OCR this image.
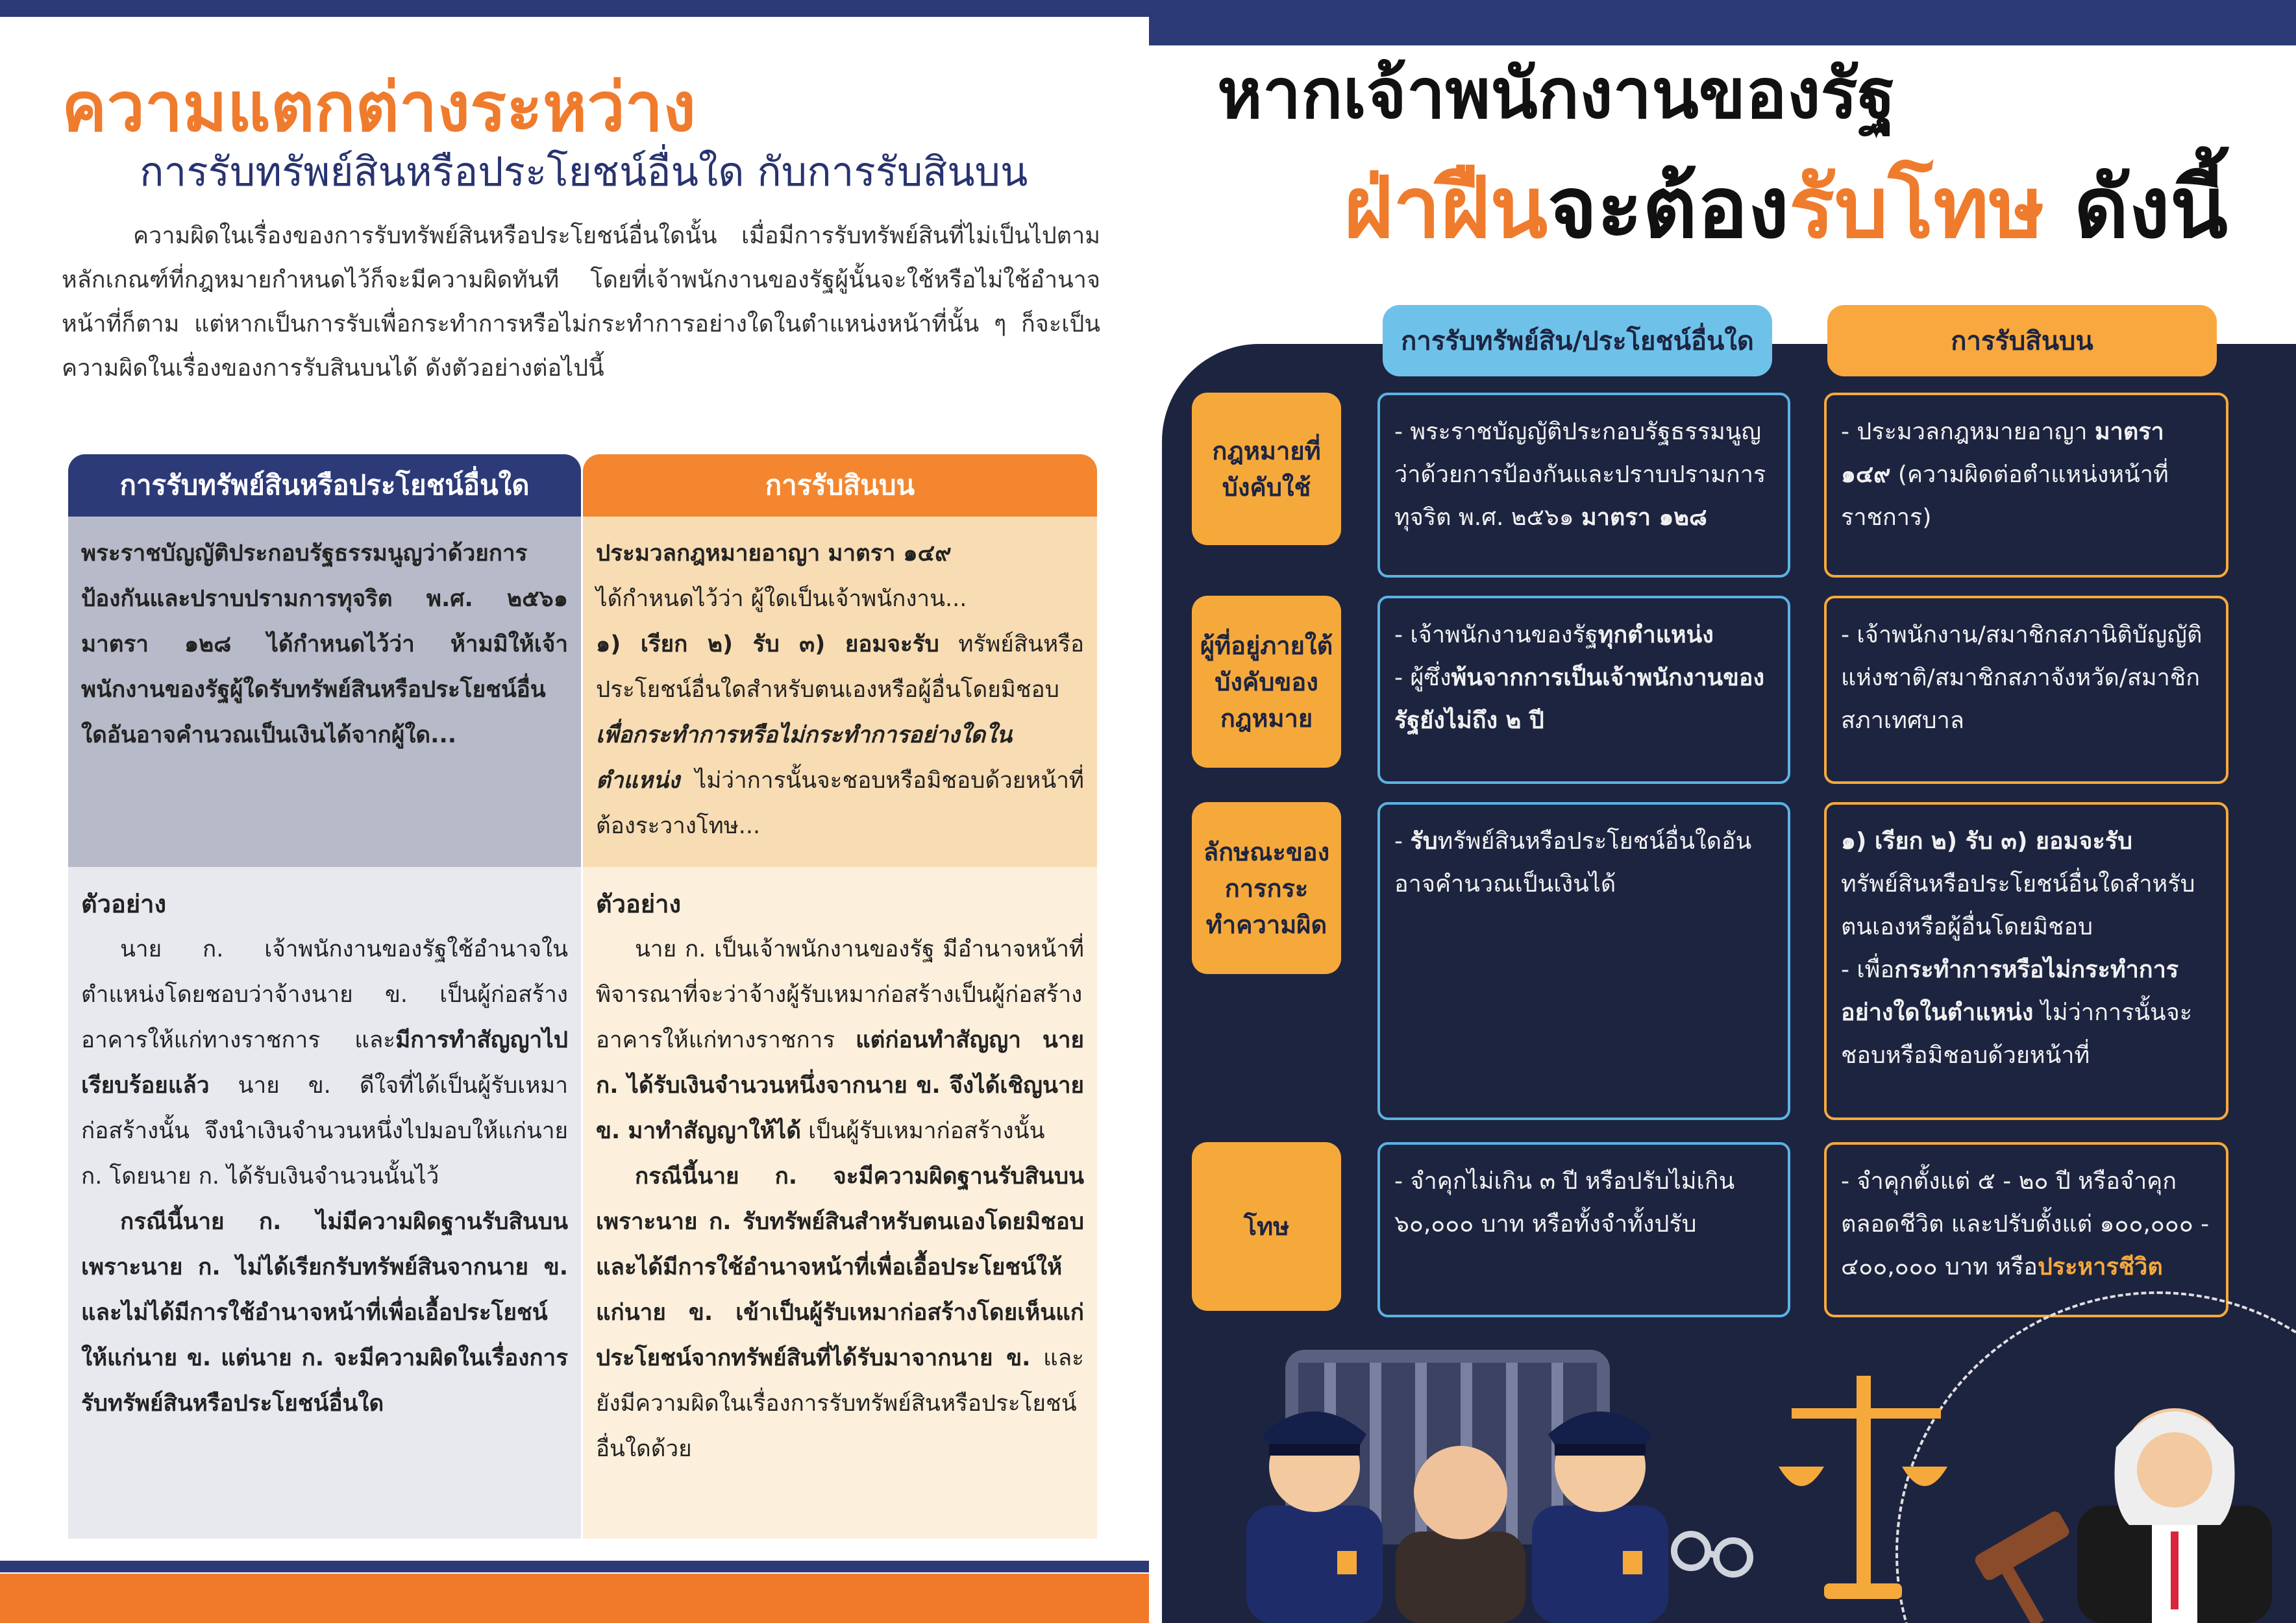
ความแตกต่างระหว่าง
การรับทรัพย์สินหรือประโยชน์อื่นใด กับการรับสินบน
ความผิดในเรื่องของการรับทรัพย์สินหรือประโยชน์อื่นใดนั้น เมื่อมีการรับทรัพย์สินที่ไม่เป็นไปตามหลักเกณฑ์ที่กฎหมายกำหนดไว้ก็จะมีความผิดทันที โดยที่เจ้าพนักงานของรัฐผู้นั้นจะใช้หรือไม่ใช้อำนาจหน้าที่ก็ตาม แต่หากเป็นการรับเพื่อกระทำการหรือไม่กระทำการอย่างใดในตำแหน่งหน้าที่นั้น ๆ ก็จะเป็นความผิดในเรื่องของการรับสินบนได้ ดังตัวอย่างต่อไปนี้
การรับทรัพย์สินหรือประโยชน์อื่นใด	การรับสินบน
พระราชบัญญัติประกอบรัฐธรรมนูญว่าด้วยการป้องกันและปราบปรามการทุจริต พ.ศ. ๒๕๖๑ มาตรา ๑๒๘ ได้กำหนดไว้ว่า ห้ามมิให้เจ้าพนักงานของรัฐผู้ใดรับทรัพย์สินหรือประโยชน์อื่นใดอันอาจคำนวณเป็นเงินได้จากผู้ใด...
ประมวลกฎหมายอาญา มาตรา ๑๔๙
ได้กำหนดไว้ว่า ผู้ใดเป็นเจ้าพนักงาน...
๑) เรียก ๒) รับ ๓) ยอมจะรับ ทรัพย์สินหรือประโยชน์อื่นใดสำหรับตนเองหรือผู้อื่นโดยมิชอบ เพื่อกระทำการหรือไม่กระทำการอย่างใดในตำแหน่ง ไม่ว่าการนั้นจะชอบหรือมิชอบด้วยหน้าที่ ต้องระวางโทษ...
ตัวอย่าง
นาย ก. เจ้าพนักงานของรัฐใช้อำนาจในตำแหน่งโดยชอบว่าจ้างนาย ข. เป็นผู้ก่อสร้างอาคารให้แก่ทางราชการ และมีการทำสัญญาไปเรียบร้อยแล้ว นาย ข. ดีใจที่ได้เป็นผู้รับเหมาก่อสร้างนั้น จึงนำเงินจำนวนหนึ่งไปมอบให้แก่นาย ก. โดยนาย ก. ได้รับเงินจำนวนนั้นไว้
กรณีนี้นาย ก. ไม่มีความผิดฐานรับสินบนเพราะนาย ก. ไม่ได้เรียกรับทรัพย์สินจากนาย ข. และไม่ได้มีการใช้อำนาจหน้าที่เพื่อเอื้อประโยชน์ให้แก่นาย ข. แต่นาย ก. จะมีความผิดในเรื่องการรับทรัพย์สินหรือประโยชน์อื่นใด
ตัวอย่าง
นาย ก. เป็นเจ้าพนักงานของรัฐ มีอำนาจหน้าที่พิจารณาที่จะว่าจ้างผู้รับเหมาก่อสร้างเป็นผู้ก่อสร้างอาคารให้แก่ทางราชการ แต่ก่อนทำสัญญา นาย ก. ได้รับเงินจำนวนหนึ่งจากนาย ข. จึงได้เชิญนาย ข. มาทำสัญญาให้ได้ เป็นผู้รับเหมาก่อสร้างนั้น
กรณีนี้นาย ก. จะมีความผิดฐานรับสินบนเพราะนาย ก. รับทรัพย์สินสำหรับตนเองโดยมิชอบและได้มีการใช้อำนาจหน้าที่เพื่อเอื้อประโยชน์ให้แก่นาย ข. เข้าเป็นผู้รับเหมาก่อสร้างโดยเห็นแก่ประโยชน์จากทรัพย์สินที่ได้รับมาจากนาย ข. และยังมีความผิดในเรื่องการรับทรัพย์สินหรือประโยชน์อื่นใดด้วย
หากเจ้าพนักงานของรัฐ
ฝ่าฝืนจะต้องรับโทษ ดังนี้
การรับทรัพย์สิน/ประโยชน์อื่นใด	การรับสินบน
กฎหมายที่บังคับใช้
- พระราชบัญญัติประกอบรัฐธรรมนูญว่าด้วยการป้องกันและปราบปรามการทุจริต พ.ศ. ๒๕๖๑ มาตรา ๑๒๘
- ประมวลกฎหมายอาญา มาตรา ๑๔๙ (ความผิดต่อตำแหน่งหน้าที่ราชการ)
ผู้ที่อยู่ภายใต้บังคับของกฎหมาย
- เจ้าพนักงานของรัฐทุกตำแหน่ง
- ผู้ซึ่งพ้นจากการเป็นเจ้าพนักงานของรัฐยังไม่ถึง ๒ ปี
- เจ้าพนักงาน/สมาชิกสภานิติบัญญัติแห่งชาติ/สมาชิกสภาจังหวัด/สมาชิกสภาเทศบาล
ลักษณะของการกระทำความผิด
- รับทรัพย์สินหรือประโยชน์อื่นใดอันอาจคำนวณเป็นเงินได้
๑) เรียก ๒) รับ ๓) ยอมจะรับ
ทรัพย์สินหรือประโยชน์อื่นใดสำหรับตนเองหรือผู้อื่นโดยมิชอบ
- เพื่อกระทำการหรือไม่กระทำการอย่างใดในตำแหน่ง ไม่ว่าการนั้นจะชอบหรือมิชอบด้วยหน้าที่
โทษ
- จำคุกไม่เกิน ๓ ปี หรือปรับไม่เกิน ๖๐,๐๐๐ บาท หรือทั้งจำทั้งปรับ
- จำคุกตั้งแต่ ๕ - ๒๐ ปี หรือจำคุกตลอดชีวิต และปรับตั้งแต่ ๑๐๐,๐๐๐ - ๔๐๐,๐๐๐ บาท หรือประหารชีวิต
